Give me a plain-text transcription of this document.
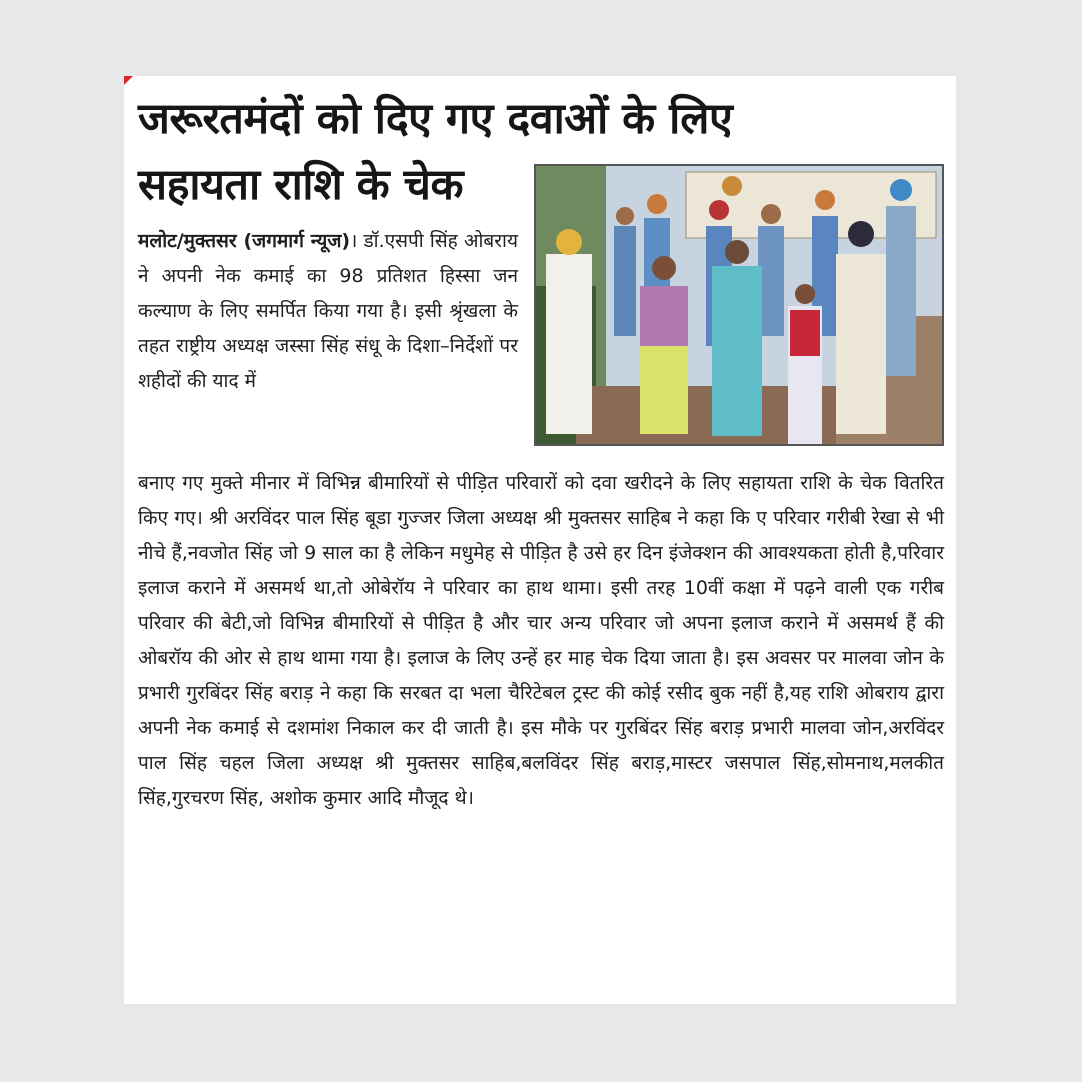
जरूरतमंदों को दिए गए दवाओं के लिए
सहायता राशि के चेक
मलोट/मुक्तसर (जगमार्ग न्यूज)। डॉ.एसपी सिंह ओबराय ने अपनी नेक कमाई का 98 प्रतिशत हिस्सा जन कल्याण के लिए समर्पित किया गया है। इसी श्रृंखला के तहत राष्ट्रीय अध्यक्ष जस्सा सिंह संधू के दिशा–निर्देशों पर शहीदों की याद में
बनाए गए मुक्ते मीनार में विभिन्न बीमारियों से पीड़ित परिवारों को दवा खरीदने के लिए सहायता राशि के चेक वितरित किए गए। श्री अरविंदर पाल सिंह बूडा गुज्जर जिला अध्यक्ष श्री मुक्तसर साहिब ने कहा कि ए परिवार गरीबी रेखा से भी नीचे हैं,नवजोत सिंह जो 9 साल का है लेकिन मधुमेह से पीड़ित है उसे हर दिन इंजेक्शन की आवश्यकता होती है,परिवार इलाज कराने में असमर्थ था,तो ओबेरॉय ने परिवार का हाथ थामा। इसी तरह 10वीं कक्षा में पढ़ने वाली एक गरीब परिवार की बेटी,जो विभिन्न बीमारियों से पीड़ित है और चार अन्य परिवार जो अपना इलाज कराने में असमर्थ हैं की ओबरॉय की ओर से हाथ थामा गया है। इलाज के लिए उन्हें हर माह चेक दिया जाता है। इस अवसर पर मालवा जोन के प्रभारी गुरबिंदर सिंह बराड़ ने कहा कि सरबत दा भला चैरिटेबल ट्रस्ट की कोई रसीद बुक नहीं है,यह राशि ओबराय द्वारा अपनी नेक कमाई से दशमांश निकाल कर दी जाती है। इस मौके पर गुरबिंदर सिंह बराड़ प्रभारी मालवा जोन,अरविंदर पाल सिंह चहल जिला अध्यक्ष श्री मुक्तसर साहिब,बलविंदर सिंह बराड़,मास्टर जसपाल सिंह,सोमनाथ,मलकीत सिंह,गुरचरण सिंह, अशोक कुमार आदि मौजूद थे।
